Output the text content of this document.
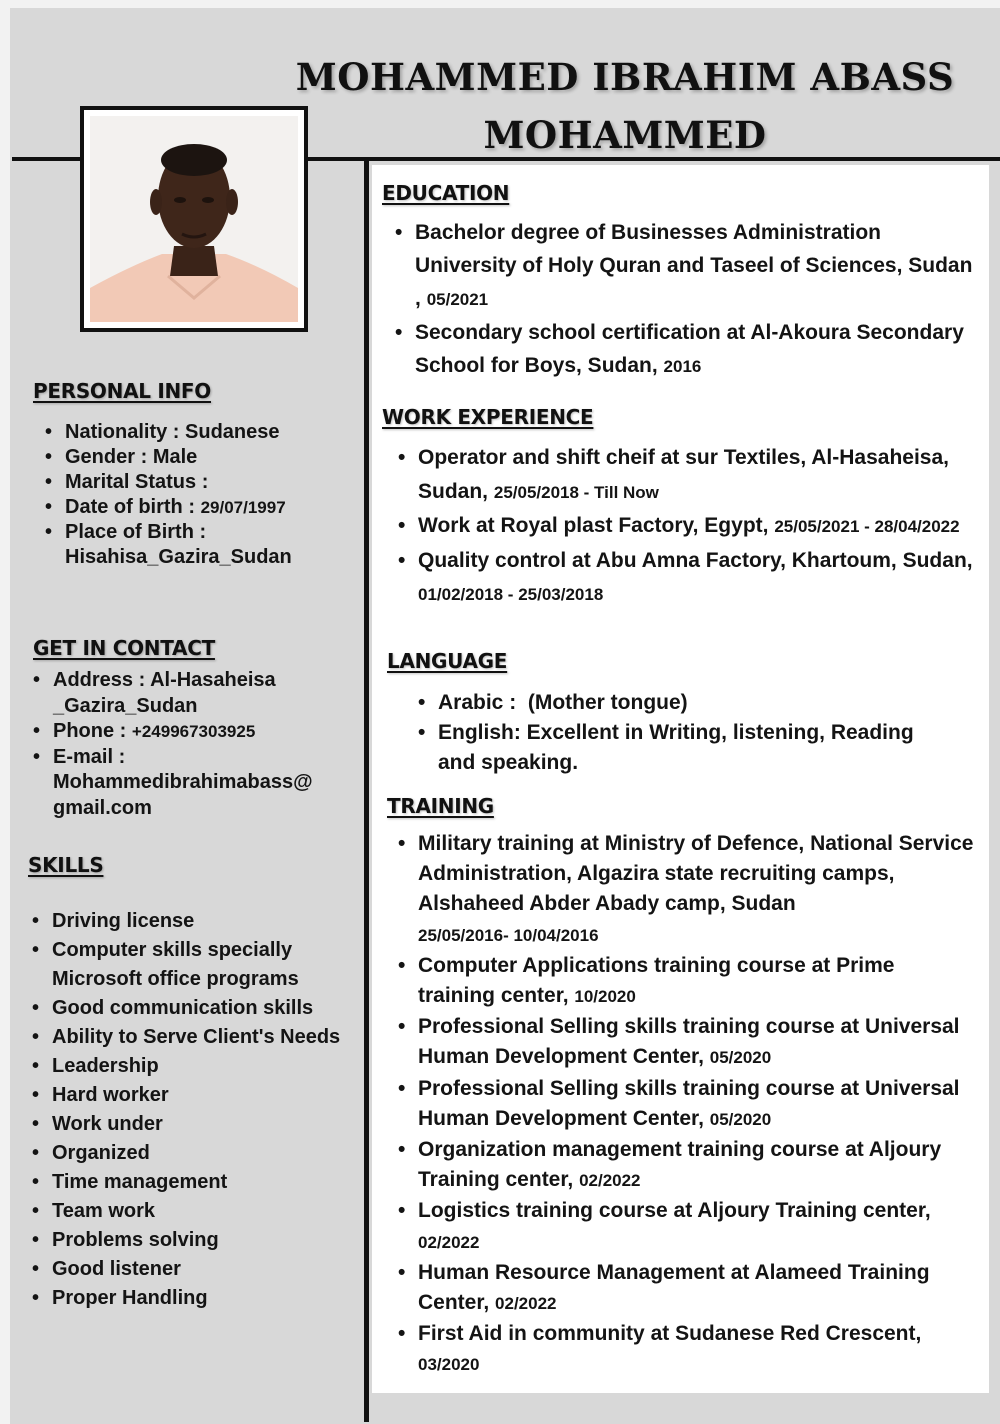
MOHAMMED IBRAHIM ABASS
MOHAMMED
PERSONAL INFO
• Nationality : Sudanese
• Gender : Male
• Marital Status :
• Date of birth : 29/07/1997
• Place of Birth :
Hisahisa_Gazira_Sudan
GET IN CONTACT
• Address : Al-Hasaheisa
_Gazira_Sudan
• Phone : +249967303925
• E-mail :
Mohammedibrahimabass@
gmail.com
SKILLS
• Driving license
• Computer skills specially Microsoft office programs
• Good communication skills
• Ability to Serve Client's Needs
• Leadership
• Hard worker
• Work under
• Organized
• Time management
• Team work
• Problems solving
• Good listener
• Proper Handling
EDUCATION
• Bachelor degree of Businesses Administration University of Holy Quran and Taseel of Sciences, Sudan , 05/2021
• Secondary school certification at Al-Akoura Secondary School for Boys, Sudan, 2016
WORK EXPERIENCE
• Operator and shift cheif at sur Textiles, Al-Hasaheisa, Sudan, 25/05/2018 - Till Now
• Work at Royal plast Factory, Egypt, 25/05/2021 - 28/04/2022
• Quality control at Abu Amna Factory, Khartoum, Sudan, 01/02/2018 - 25/03/2018
LANGUAGE
• Arabic :  (Mother tongue)
• English: Excellent in Writing, listening, Reading and speaking.
TRAINING
• Military training at Ministry of Defence, National Service Administration, Algazira state recruiting camps, Alshaheed Abder Abady camp, Sudan
25/05/2016- 10/04/2016
• Computer Applications training course at Prime training center, 10/2020
• Professional Selling skills training course at Universal Human Development Center, 05/2020
• Professional Selling skills training course at Universal Human Development Center, 05/2020
• Organization management training course at Aljoury Training center, 02/2022
• Logistics training course at Aljoury Training center, 02/2022
• Human Resource Management at Alameed Training Center, 02/2022
• First Aid in community at Sudanese Red Crescent,
03/2020
